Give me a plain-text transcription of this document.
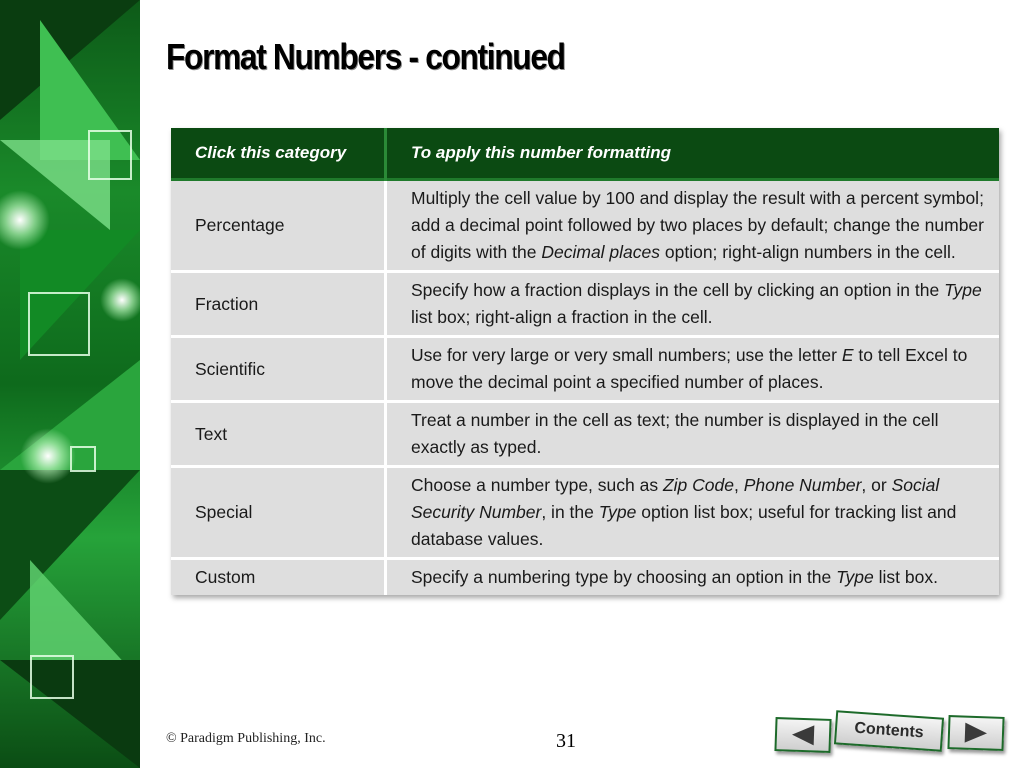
Format Numbers - continued
Click this category	To apply this number formatting
Percentage	Multiply the cell value by 100 and display the result with a percent symbol; add a decimal point followed by two places by default; change the number of digits with the Decimal places option; right-align numbers in the cell.
Fraction	Specify how a fraction displays in the cell by clicking an option in the Type list box; right-align a fraction in the cell.
Scientific	Use for very large or very small numbers; use the letter E to tell Excel to move the decimal point a specified number of places.
Text	Treat a number in the cell as text; the number is displayed in the cell exactly as typed.
Special	Choose a number type, such as Zip Code, Phone Number, or Social Security Number, in the Type option list box; useful for tracking list and database values.
Custom	Specify a numbering type by choosing an option in the Type list box.
© Paradigm Publishing, Inc.	31	Contents
